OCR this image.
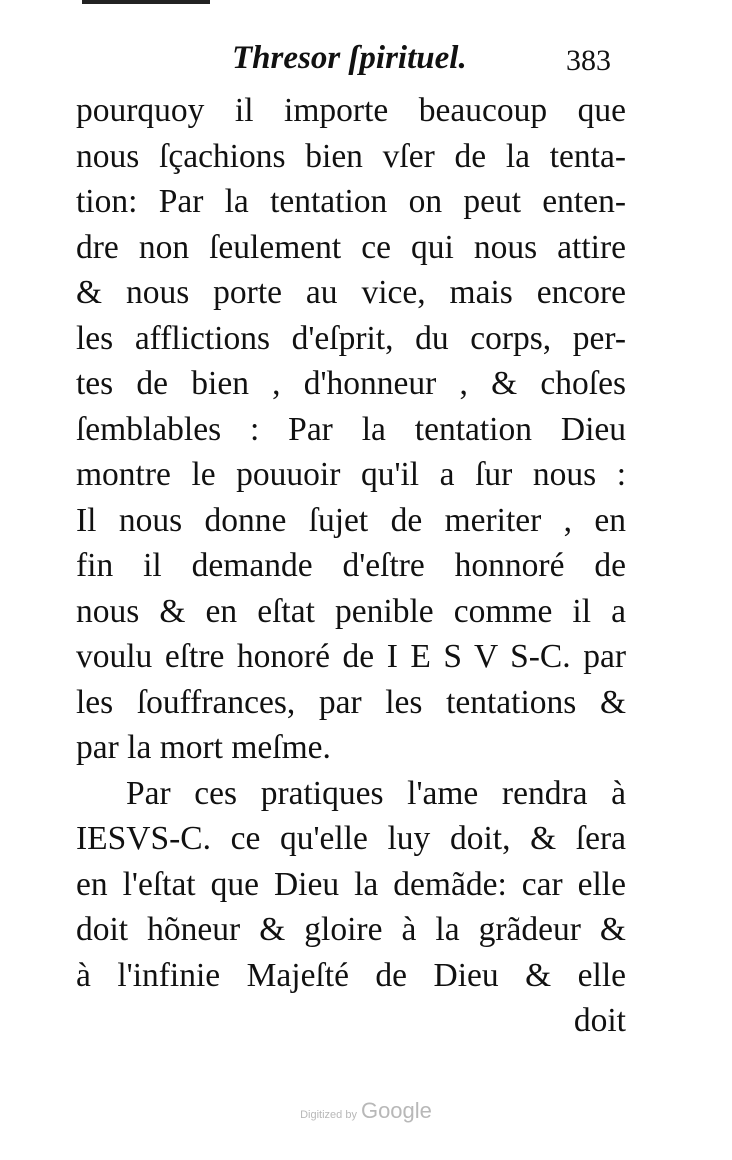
Thresor ſpirituel.	383
pourquoy il importe beaucoup que
nous ſçachions bien vſer de la tenta-
tion: Par la tentation on peut enten-
dre non ſeulement ce qui nous attire
& nous porte au vice, mais encore
les afflictions d'eſprit, du corps, per-
tes de bien , d'honneur , & choſes
ſemblables : Par la tentation Dieu
montre le pouuoir qu'il a ſur nous :
Il nous donne ſujet de meriter , en
fin il demande d'eſtre honnoré de
nous & en eſtat penible comme il a
voulu eſtre honoré de I E S V S-C. par
les ſouffrances, par les tentations &
par la mort meſme.
Par ces pratiques l'ame rendra à
IESVS-C. ce qu'elle luy doit, & ſera
en l'eſtat que Dieu la demãde: car elle
doit hõneur & gloire à la grãdeur &
à l'infinie Majeſté de Dieu & elle
doit
Digitized by Google
